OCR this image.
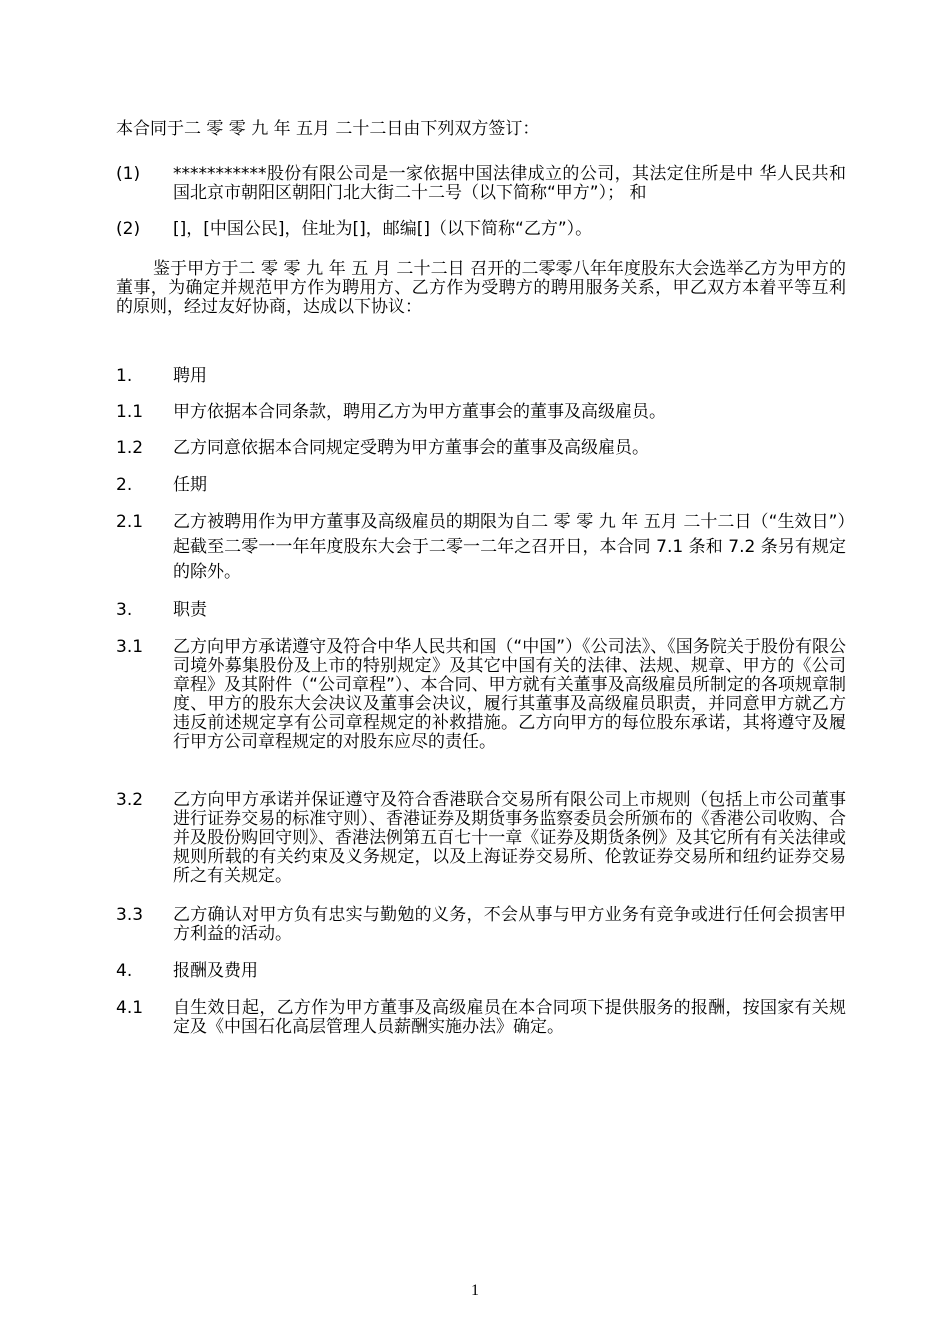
本合同于二 零 零 九 年 五月 二十二日由下列双方签订：
(1)	***********股份有限公司是一家依据中国法律成立的公司，其法定住所是中 华人民共和国北京市朝阳区朝阳门北大街二十二号（以下简称“甲方”）； 和
(2)	[]，[中国公民]，住址为[]，邮编[]（以下简称“乙方”）。
鉴于甲方于二 零 零 九 年 五 月 二十二日 召开的二零零八年年度股东大会选举乙方为甲方的董事，为确定并规范甲方作为聘用方、乙方作为受聘方的聘用服务关系，甲乙双方本着平等互利的原则，经过友好协商，达成以下协议：
1.	聘用
1.1	甲方依据本合同条款，聘用乙方为甲方董事会的董事及高级雇员。
1.2	乙方同意依据本合同规定受聘为甲方董事会的董事及高级雇员。
2.	任期
2.1	乙方被聘用作为甲方董事及高级雇员的期限为自二 零 零 九 年 五月 二十二日（“生效日”）起截至二零一一年年度股东大会于二零一二年之召开日，本合同 7.1 条和 7.2 条另有规定的除外。
3.	职责
3.1	乙方向甲方承诺遵守及符合中华人民共和国（“中国”）《公司法》、《国务院关于股份有限公司境外募集股份及上市的特别规定》及其它中国有关的法律、法规、规章、甲方的《公司章程》及其附件（“公司章程”）、本合同、甲方就有关董事及高级雇员所制定的各项规章制度、甲方的股东大会决议及董事会决议，履行其董事及高级雇员职责，并同意甲方就乙方违反前述规定享有公司章程规定的补救措施。乙方向甲方的每位股东承诺，其将遵守及履行甲方公司章程规定的对股东应尽的责任。
3.2	乙方向甲方承诺并保证遵守及符合香港联合交易所有限公司上市规则（包括上市公司董事进行证券交易的标准守则）、香港证券及期货事务监察委员会所颁布的《香港公司收购、合并及股份购回守则》、香港法例第五百七十一章《证券及期货条例》及其它所有有关法律或规则所载的有关约束及义务规定，以及上海证券交易所、伦敦证券交易所和纽约证券交易所之有关规定。
3.3	乙方确认对甲方负有忠实与勤勉的义务，不会从事与甲方业务有竞争或进行任何会损害甲方利益的活动。
4.	报酬及费用
4.1	自生效日起，乙方作为甲方董事及高级雇员在本合同项下提供服务的报酬，按国家有关规定及《中国石化高层管理人员薪酬实施办法》确定。
1
